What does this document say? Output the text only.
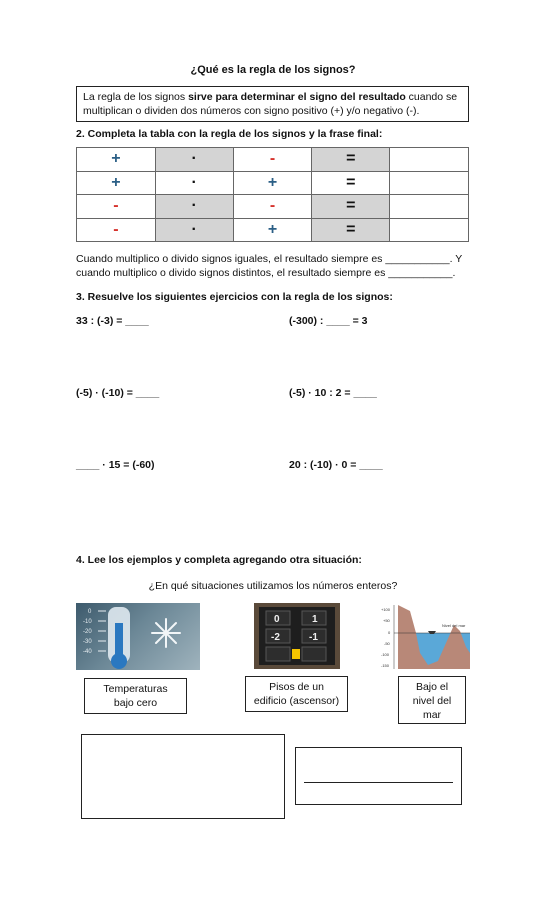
¿Qué es la regla de los signos?
La regla de los signos sirve para determinar el signo del resultado cuando se multiplican o dividen dos números con signo positivo (+) y/o negativo (-).
2. Completa la tabla con la regla de los signos y la frase final:
+	·	-	=	
+	·	+	=	
-	·	-	=	
-	·	+	=	
Cuando multiplico o divido signos iguales, el resultado siempre es ___________. Y cuando multiplico o divido signos distintos, el resultado siempre es ___________.
3. Resuelve los siguientes ejercicios con la regla de los signos:
33 : (-3) = ____	(-300) : ____ = 3
(-5) · (-10) = ____	(-5) · 10 : 2 = ____
____ · 15 = (-60)	20 : (-10) · 0 = ____
4. Lee los ejemplos y completa agregando otra situación:
¿En qué situaciones utilizamos los números enteros?
0
-10
-20
-30
-40
Temperaturas
bajo cero
0	1
-2	-1
Pisos de un
edificio (ascensor)
+100
+50
0
-50
-100
-150
Nivel del mar
Bajo el
nivel del
mar
